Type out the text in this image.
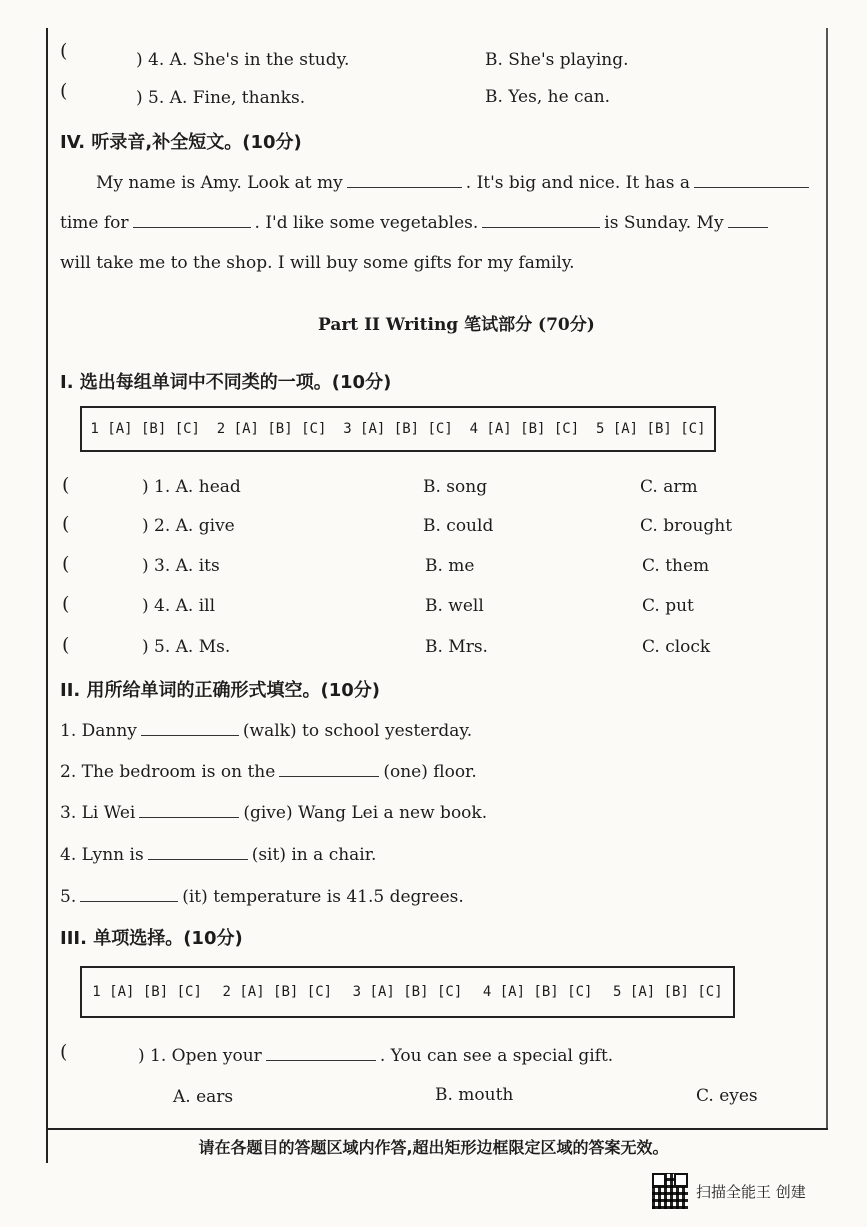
(	) 4. A. She's in the study.	B. She's playing.
(	) 5. A. Fine, thanks.	B. Yes, he can.
IV. 听录音,补全短文。(10分)
My name is Amy. Look at my	. It's big and nice. It has a
time for	. I'd like some vegetables.	is Sunday. My
will take me to the shop. I will buy some gifts for my family.
Part II Writing 笔试部分 (70分)
I. 选出每组单词中不同类的一项。(10分)
1 [A] [B] [C] 2 [A] [B] [C] 3 [A] [B] [C] 4 [A] [B] [C] 5 [A] [B] [C]
(	) 1. A. head	B. song	C. arm
(	) 2. A. give	B. could	C. brought
(	) 3. A. its	B. me	C. them
(	) 4. A. ill	B. well	C. put
(	) 5. A. Ms.	B. Mrs.	C. clock
II. 用所给单词的正确形式填空。(10分)
1. Danny	(walk) to school yesterday.
2. The bedroom is on the	(one) floor.
3. Li Wei	(give) Wang Lei a new book.
4. Lynn is	(sit) in a chair.
5.	(it) temperature is 41.5 degrees.
III. 单项选择。(10分)
1 [A] [B] [C] 2 [A] [B] [C] 3 [A] [B] [C] 4 [A] [B] [C] 5 [A] [B] [C]
(	) 1. Open your	. You can see a special gift.
A. ears	B. mouth	C. eyes
请在各题目的答题区域内作答,超出矩形边框限定区域的答案无效。
扫描全能王 创建
